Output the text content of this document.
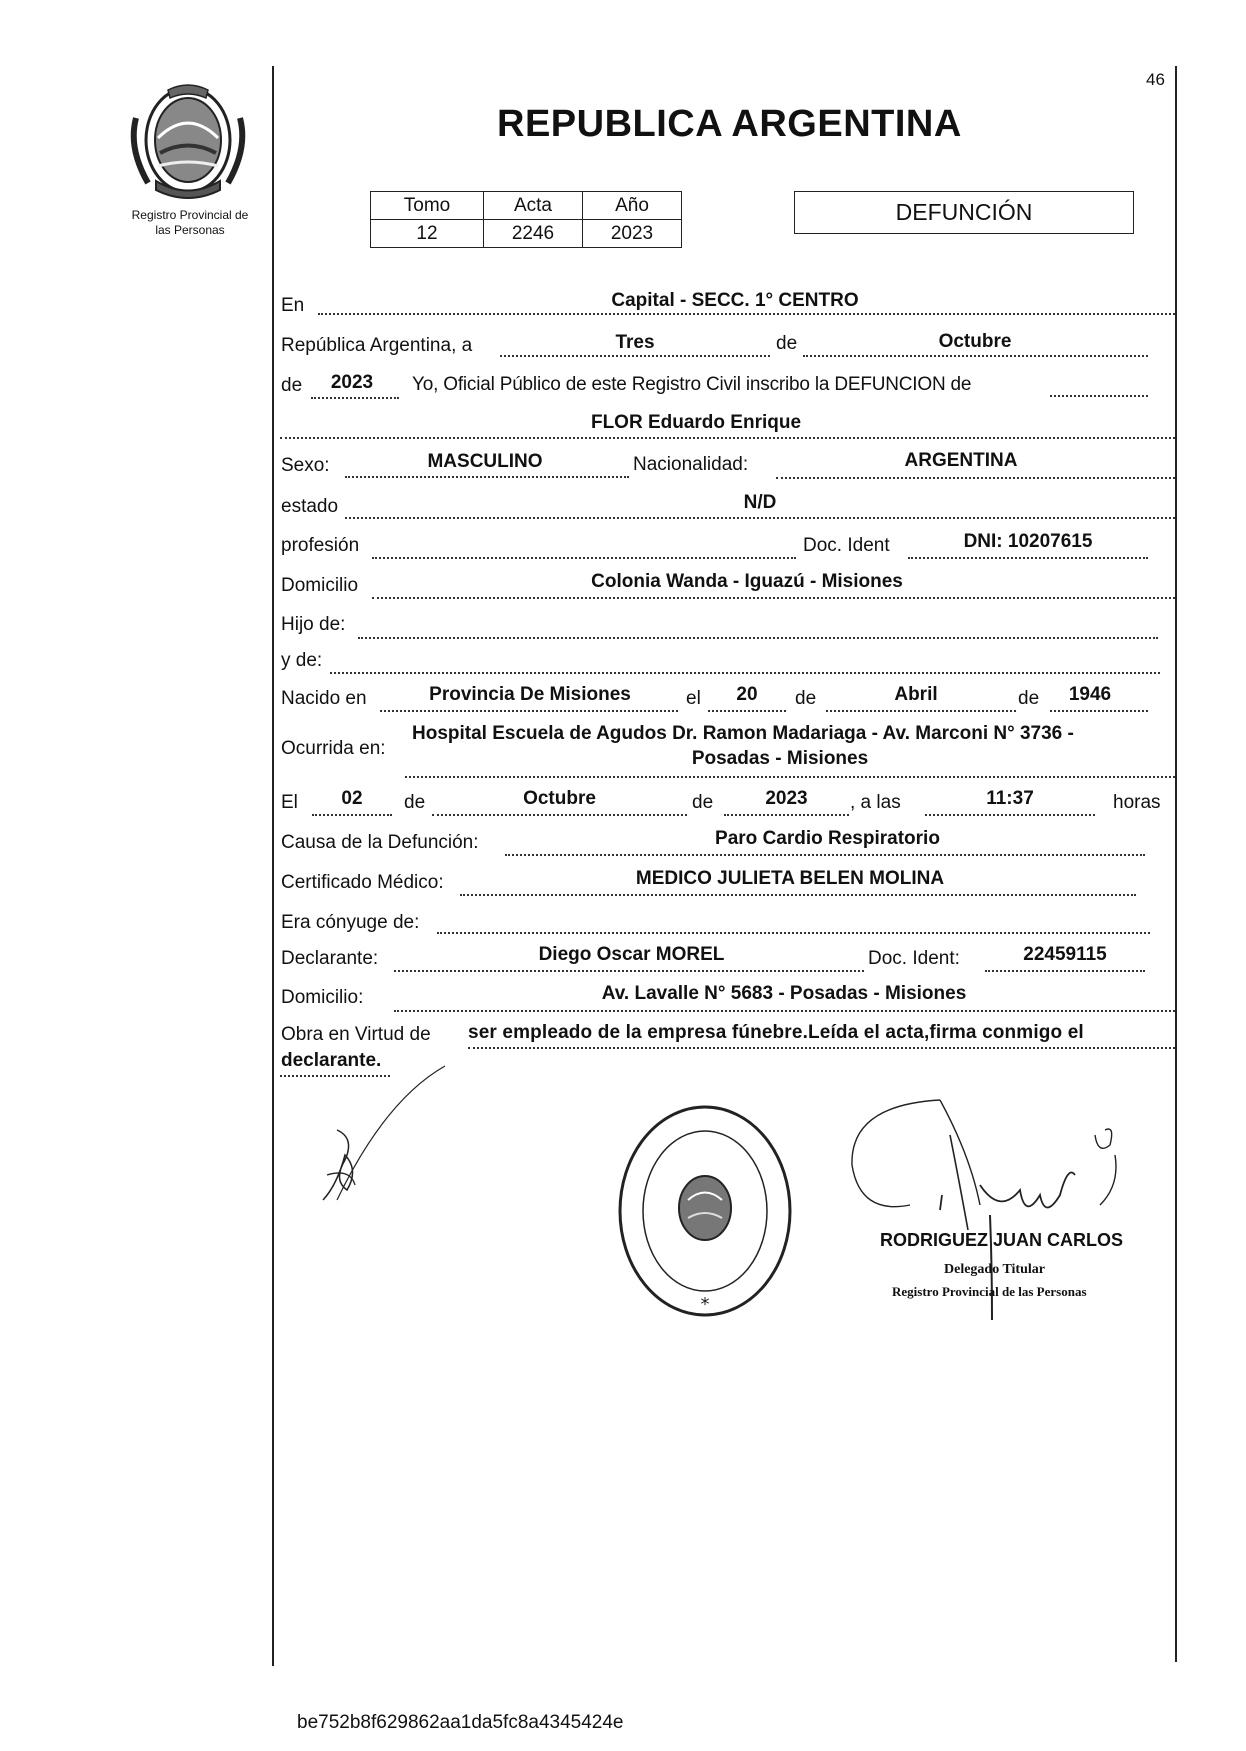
46
Registro Provincial de
las Personas
REPUBLICA ARGENTINA
Tomo	Acta	Año
12	2246	2023
DEFUNCIÓN
En	Capital - SECC. 1° CENTRO
República Argentina, a	Tres	de	Octubre
de	2023	Yo, Oficial Público de este Registro Civil inscribo la DEFUNCION de
FLOR Eduardo Enrique
Sexo:	MASCULINO	Nacionalidad:	ARGENTINA
estado	N/D
profesión	Doc. Ident	DNI: 10207615
Domicilio	Colonia Wanda - Iguazú - Misiones
Hijo de:
y de:
Nacido en	Provincia De Misiones	el	20	de	Abril	de	1946
Ocurrida en:
Hospital Escuela de Agudos Dr. Ramon Madariaga - Av. Marconi N° 3736 -
Posadas - Misiones
El	02	de	Octubre	de	2023	, a las	11:37	horas
Causa de la Defunción:	Paro Cardio Respiratorio
Certificado Médico:	MEDICO JULIETA BELEN MOLINA
Era cónyuge de:
Declarante:	Diego Oscar MOREL	Doc. Ident:	22459115
Domicilio:	Av. Lavalle N° 5683 - Posadas - Misiones
Obra en Virtud de ser empleado de la empresa fúnebre.Leída el acta,firma conmigo el
declarante.
*
RODRIGUEZ JUAN CARLOS
Delegado Titular
Registro Provincial de las Personas
be752b8f629862aa1da5fc8a4345424e
